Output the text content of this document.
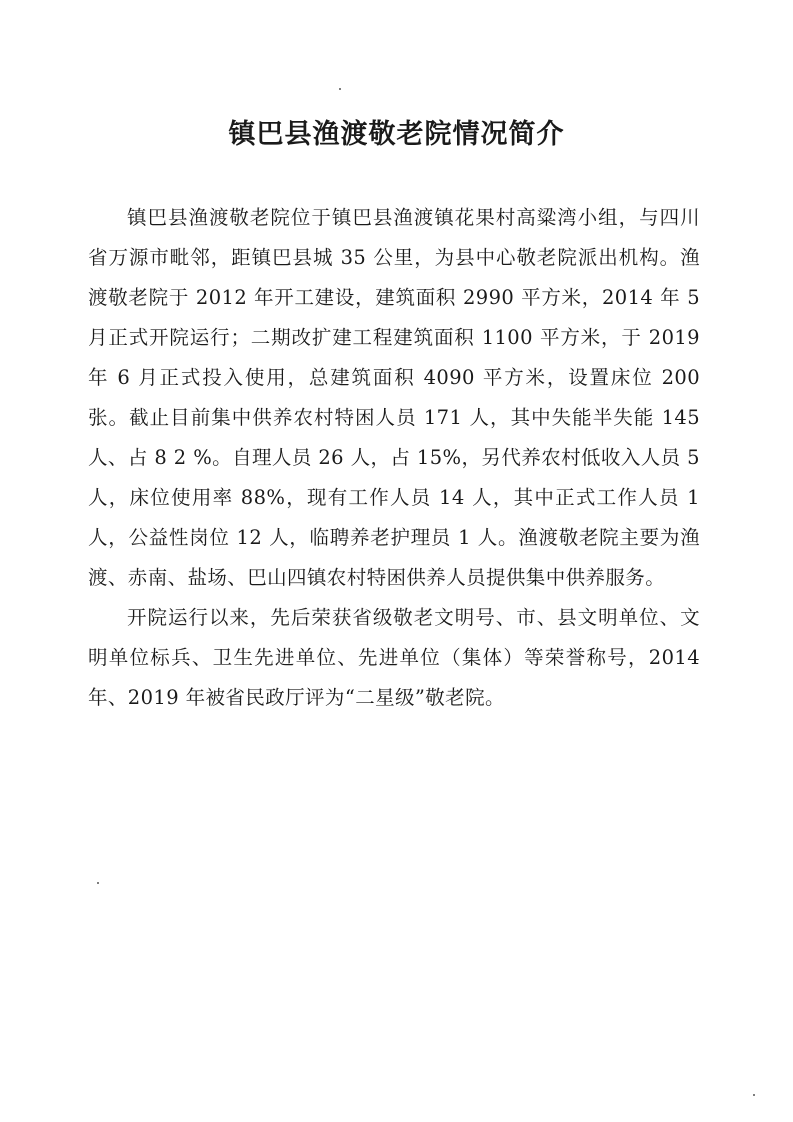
镇巴县渔渡敬老院情况简介

镇巴县渔渡敬老院位于镇巴县渔渡镇花果村高粱湾小组，与四川省万源市毗邻，距镇巴县城 35 公里，为县中心敬老院派出机构。渔渡敬老院于 2012 年开工建设，建筑面积 2990 平方米，2014 年 5 月正式开院运行；二期改扩建工程建筑面积 1100 平方米，于 2019 年 6 月正式投入使用，总建筑面积 4090 平方米，设置床位 200 张。截止目前集中供养农村特困人员 171 人，其中失能半失能 145 人、占 8 2 %。自理人员 26 人，占 15%，另代养农村低收入人员 5 人，床位使用率 88%，现有工作人员 14 人，其中正式工作人员 1 人，公益性岗位 12 人，临聘养老护理员 1 人。渔渡敬老院主要为渔渡、赤南、盐场、巴山四镇农村特困供养人员提供集中供养服务。

开院运行以来，先后荣获省级敬老文明号、市、县文明单位、文明单位标兵、卫生先进单位、先进单位（集体）等荣誉称号，2014 年、2019 年被省民政厅评为“二星级”敬老院。
